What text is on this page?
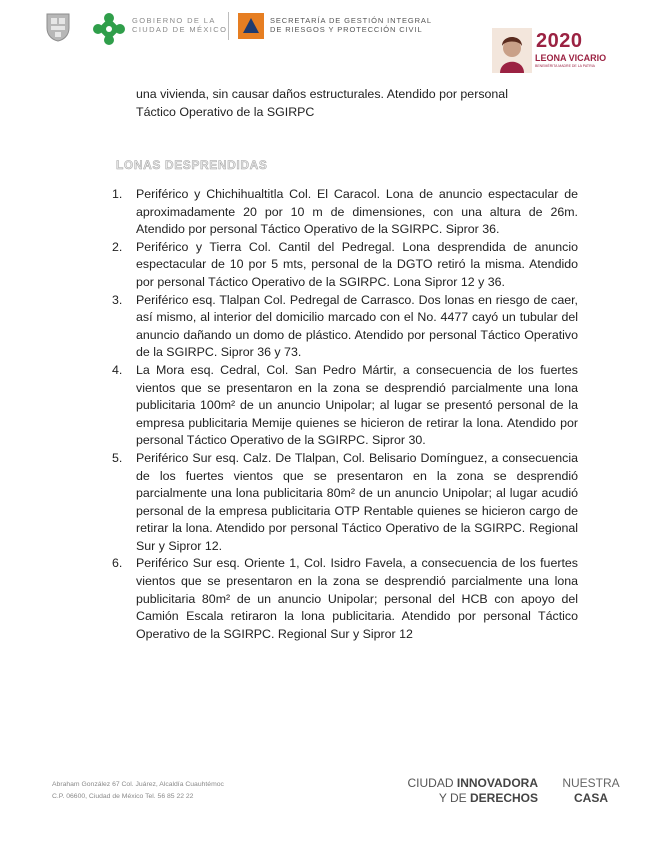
GOBIERNO DE LA
CIUDAD DE MÉXICO
SECRETARÍA DE GESTIÓN INTEGRAL
DE RIESGOS Y PROTECCIÓN CIVIL
2020
LEONA VICARIO
BENEMÉRITA MADRE DE LA PATRIA
una vivienda, sin causar daños estructurales. Atendido por personal
Táctico Operativo de la SGIRPC
LONAS DESPRENDIDAS
1. Periférico y Chichihualtitla Col. El Caracol. Lona de anuncio espectacular de aproximadamente 20 por 10 m de dimensiones, con una altura de 26m. Atendido por personal Táctico Operativo de la SGIRPC. Sipror 36.
2. Periférico y Tierra Col. Cantil del Pedregal. Lona desprendida de anuncio espectacular de 10 por 5 mts, personal de la DGTO retiró la misma. Atendido por personal Táctico Operativo de la SGIRPC. Lona Sipror 12 y 36.
3. Periférico esq. Tlalpan Col. Pedregal de Carrasco. Dos lonas en riesgo de caer, así mismo, al interior del domicilio marcado con el No. 4477 cayó un tubular del anuncio dañando un domo de plástico. Atendido por personal Táctico Operativo de la SGIRPC. Sipror 36 y 73.
4. La Mora esq. Cedral, Col. San Pedro Mártir, a consecuencia de los fuertes vientos que se presentaron en la zona se desprendió parcialmente una lona publicitaria 100m² de un anuncio Unipolar; al lugar se presentó personal de la empresa publicitaria Memije quienes se hicieron de retirar la lona. Atendido por personal Táctico Operativo de la SGIRPC. Sipror 30.
5. Periférico Sur esq. Calz. De Tlalpan, Col. Belisario Domínguez, a consecuencia de los fuertes vientos que se presentaron en la zona se desprendió parcialmente una lona publicitaria 80m² de un anuncio Unipolar; al lugar acudió personal de la empresa publicitaria OTP Rentable quienes se hicieron cargo de retirar la lona. Atendido por personal Táctico Operativo de la SGIRPC. Regional Sur y Sipror 12.
6. Periférico Sur esq. Oriente 1, Col. Isidro Favela, a consecuencia de los fuertes vientos que se presentaron en la zona se desprendió parcialmente una lona publicitaria 80m² de un anuncio Unipolar; personal del HCB con apoyo del Camión Escala retiraron la lona publicitaria. Atendido por personal Táctico Operativo de la SGIRPC. Regional Sur y Sipror 12
Abraham González 67 Col. Juárez, Alcaldía Cuauhtémoc
C.P. 06600, Ciudad de México Tel. 56 85 22 22
CIUDAD INNOVADORA
Y DE DERECHOS
NUESTRA
CASA
